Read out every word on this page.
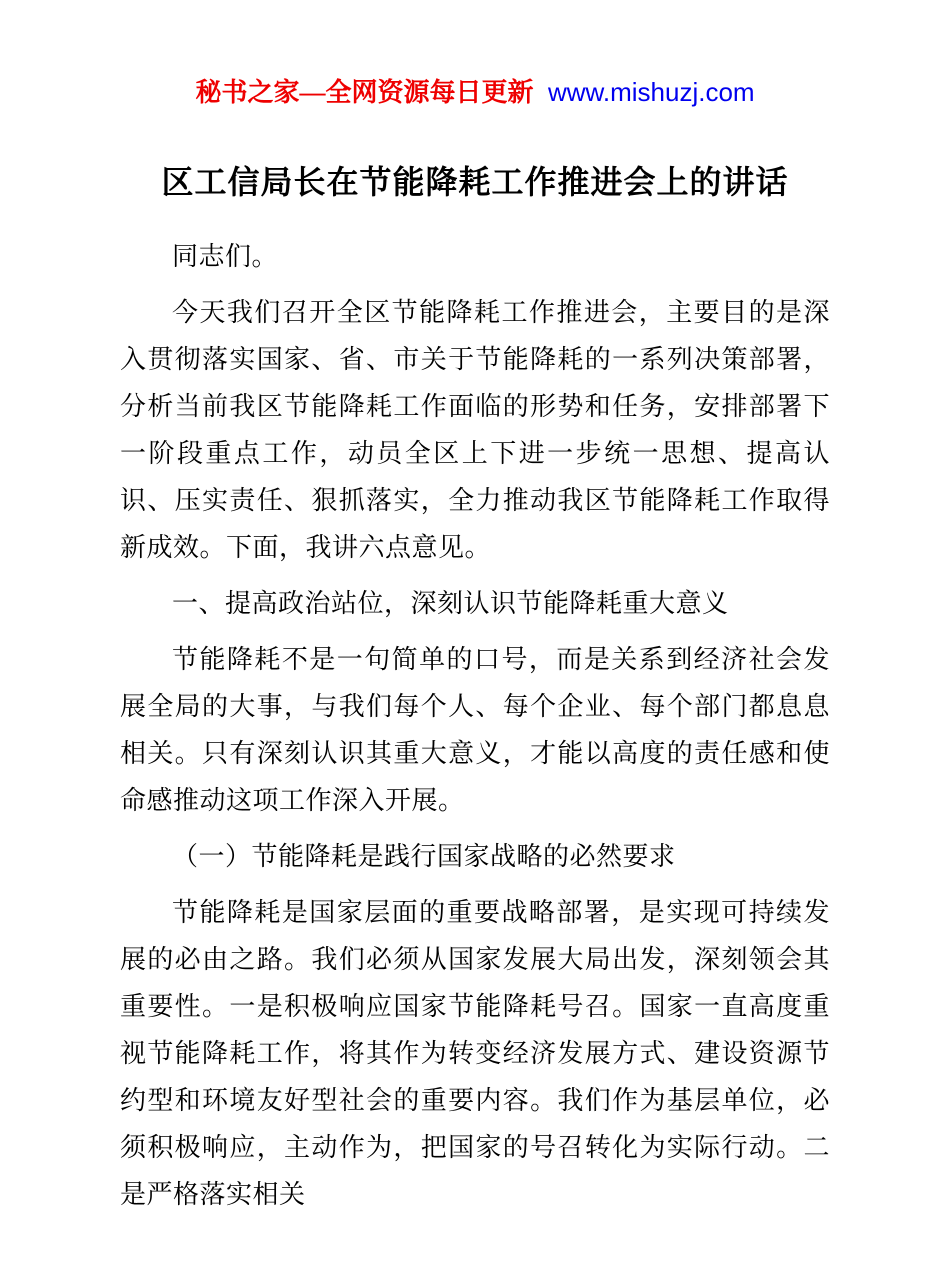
秘书之家—全网资源每日更新 www.mishuzj.com
区工信局长在节能降耗工作推进会上的讲话

同志们。

今天我们召开全区节能降耗工作推进会，主要目的是深入贯彻落实国家、省、市关于节能降耗的一系列决策部署，分析当前我区节能降耗工作面临的形势和任务，安排部署下一阶段重点工作，动员全区上下进一步统一思想、提高认识、压实责任、狠抓落实，全力推动我区节能降耗工作取得新成效。下面，我讲六点意见。

一、提高政治站位，深刻认识节能降耗重大意义

节能降耗不是一句简单的口号，而是关系到经济社会发展全局的大事，与我们每个人、每个企业、每个部门都息息相关。只有深刻认识其重大意义，才能以高度的责任感和使命感推动这项工作深入开展。

（一）节能降耗是践行国家战略的必然要求

节能降耗是国家层面的重要战略部署，是实现可持续发展的必由之路。我们必须从国家发展大局出发，深刻领会其重要性。一是积极响应国家节能降耗号召。国家一直高度重视节能降耗工作，将其作为转变经济发展方式、建设资源节约型和环境友好型社会的重要内容。我们作为基层单位，必须积极响应，主动作为，把国家的号召转化为实际行动。二是严格落实相关
